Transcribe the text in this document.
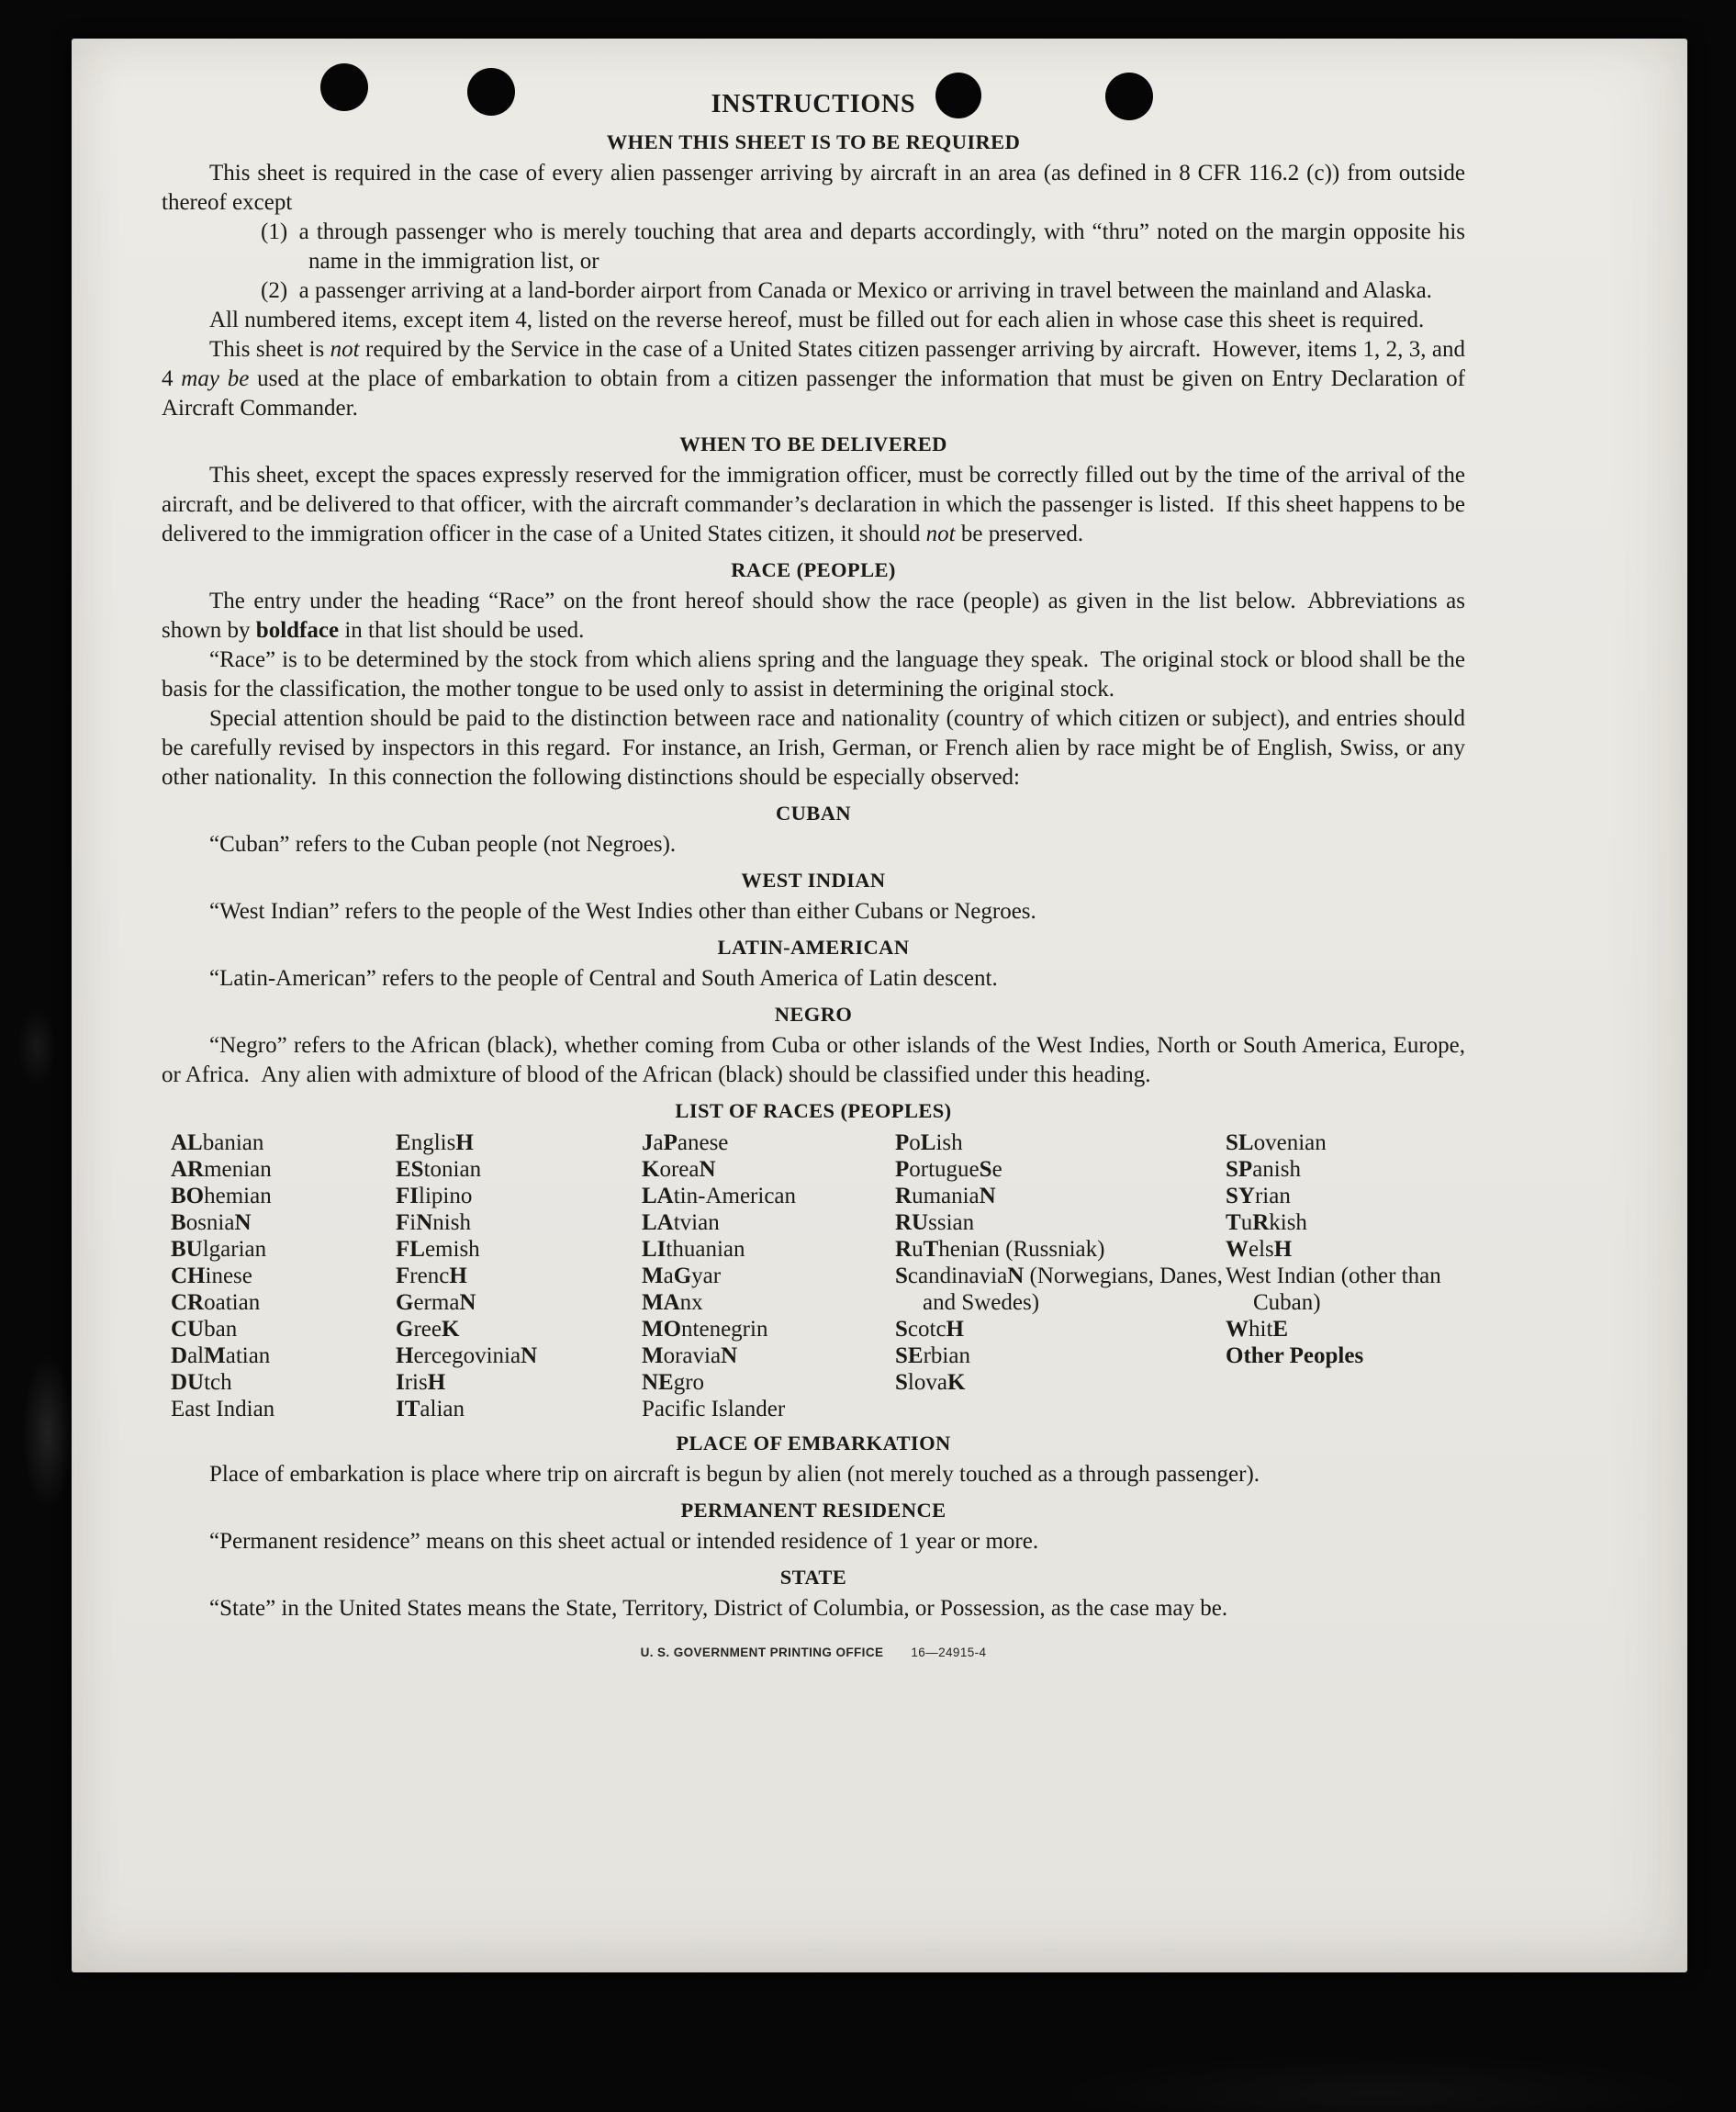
INSTRUCTIONS
WHEN THIS SHEET IS TO BE REQUIRED

This sheet is required in the case of every alien passenger arriving by aircraft in an area (as defined in 8 CFR 116.2 (c)) from outside thereof except

(1) a through passenger who is merely touching that area and departs accordingly, with “thru” noted on the margin opposite his name in the immigration list, or

(2) a passenger arriving at a land-border airport from Canada or Mexico or arriving in travel between the mainland and Alaska.

All numbered items, except item 4, listed on the reverse hereof, must be filled out for each alien in whose case this sheet is required.

This sheet is not required by the Service in the case of a United States citizen passenger arriving by aircraft. However, items 1, 2, 3, and 4 may be used at the place of embarkation to obtain from a citizen passenger the information that must be given on Entry Declaration of Aircraft Commander.

WHEN TO BE DELIVERED

This sheet, except the spaces expressly reserved for the immigration officer, must be correctly filled out by the time of the arrival of the aircraft, and be delivered to that officer, with the aircraft commander’s declaration in which the passenger is listed. If this sheet happens to be delivered to the immigration officer in the case of a United States citizen, it should not be preserved.

RACE (PEOPLE)

The entry under the heading “Race” on the front hereof should show the race (people) as given in the list below. Abbreviations as shown by boldface in that list should be used.

“Race” is to be determined by the stock from which aliens spring and the language they speak. The original stock or blood shall be the basis for the classification, the mother tongue to be used only to assist in determining the original stock.

Special attention should be paid to the distinction between race and nationality (country of which citizen or subject), and entries should be carefully revised by inspectors in this regard. For instance, an Irish, German, or French alien by race might be of English, Swiss, or any other nationality. In this connection the following distinctions should be especially observed:

CUBAN

“Cuban” refers to the Cuban people (not Negroes).

WEST INDIAN

“West Indian” refers to the people of the West Indies other than either Cubans or Negroes.

LATIN-AMERICAN

“Latin-American” refers to the people of Central and South America of Latin descent.

NEGRO

“Negro” refers to the African (black), whether coming from Cuba or other islands of the West Indies, North or South America, Europe, or Africa. Any alien with admixture of blood of the African (black) should be classified under this heading.

LIST OF RACES (PEOPLES)
ALbanian
ARmenian
BOhemian
BosniaN
BUlgarian
CHinese
CRoatian
CUban
DalMatian
DUtch
East Indian
EnglisH
EStonian
FIlipino
FiNnish
FLemish
FrencH
GermaN
GreeK
HercegoviniaN
IrisH
ITalian
JaPanese
KoreaN
LAtin-American
LAtvian
LIthuanian
MaGyar
MAnx
MOntenegrin
MoraviaN
NEgro
Pacific Islander
PoLish
PortugueSe
RumaniaN
RUssian
RuThenian (Russniak)
ScandinaviaN (Norwegians, Danes, and Swedes)
ScotcH
SErbian
SlovaK
SLovenian
SPanish
SYrian
TuRkish
WelsH
West Indian (other than Cuban)
WhitE
Other Peoples
PLACE OF EMBARKATION

Place of embarkation is place where trip on aircraft is begun by alien (not merely touched as a through passenger).

PERMANENT RESIDENCE

“Permanent residence” means on this sheet actual or intended residence of 1 year or more.

STATE

“State” in the United States means the State, Territory, District of Columbia, or Possession, as the case may be.

U. S. GOVERNMENT PRINTING OFFICE 16—24915-4
